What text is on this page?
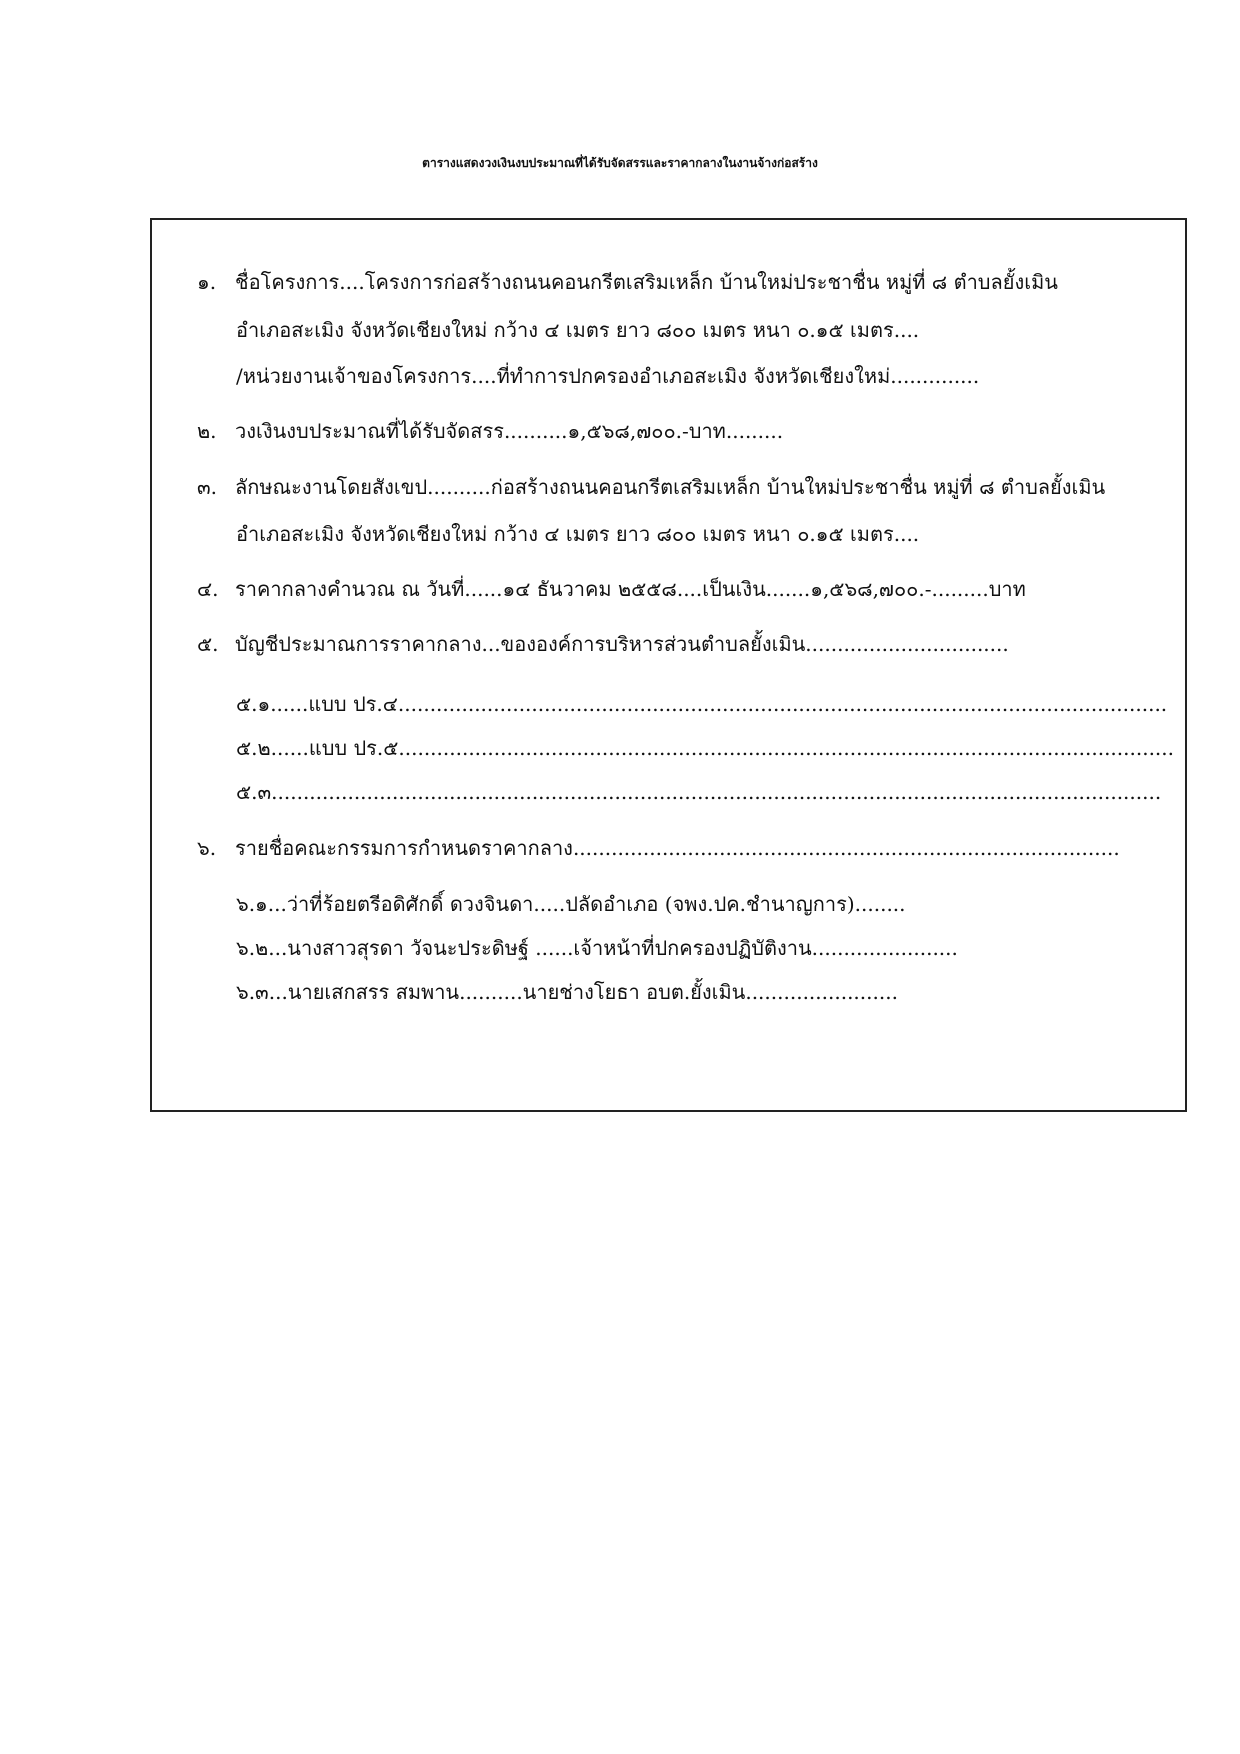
ตารางแสดงวงเงินงบประมาณที่ได้รับจัดสรรและราคากลางในงานจ้างก่อสร้าง
๑. ชื่อโครงการ....โครงการก่อสร้างถนนคอนกรีตเสริมเหล็ก บ้านใหม่ประชาชื่น หมู่ที่ ๘ ตำบลยั้งเมิน
อำเภอสะเมิง จังหวัดเชียงใหม่ กว้าง ๔ เมตร ยาว ๘๐๐ เมตร หนา ๐.๑๕ เมตร....
/หน่วยงานเจ้าของโครงการ....ที่ทำการปกครองอำเภอสะเมิง จังหวัดเชียงใหม่..............
๒. วงเงินงบประมาณที่ได้รับจัดสรร..........๑,๕๖๘,๗๐๐.-บาท.........
๓. ลักษณะงานโดยสังเขป..........ก่อสร้างถนนคอนกรีตเสริมเหล็ก บ้านใหม่ประชาชื่น หมู่ที่ ๘ ตำบลยั้งเมิน
อำเภอสะเมิง จังหวัดเชียงใหม่ กว้าง ๔ เมตร ยาว ๘๐๐ เมตร หนา ๐.๑๕ เมตร....
๔. ราคากลางคำนวณ ณ วันที่......๑๔ ธันวาคม ๒๕๕๘....เป็นเงิน.......๑,๕๖๘,๗๐๐.-.........บาท
๕. บัญชีประมาณการราคากลาง...ขององค์การบริหารส่วนตำบลยั้งเมิน................................
๕.๑......แบบ ปร.๔.........................................................................................................................
๕.๒......แบบ ปร.๕..........................................................................................................................
๕.๓............................................................................................................................................
๖. รายชื่อคณะกรรมการกำหนดราคากลาง......................................................................................
๖.๑...ว่าที่ร้อยตรีอดิศักดิ์ ดวงจินดา.....ปลัดอำเภอ (จพง.ปค.ชำนาญการ)........
๖.๒...นางสาวสุรดา วัจนะประดิษฐ์ ......เจ้าหน้าที่ปกครองปฏิบัติงาน.......................
๖.๓...นายเสกสรร สมพาน..........นายช่างโยธา อบต.ยั้งเมิน........................
